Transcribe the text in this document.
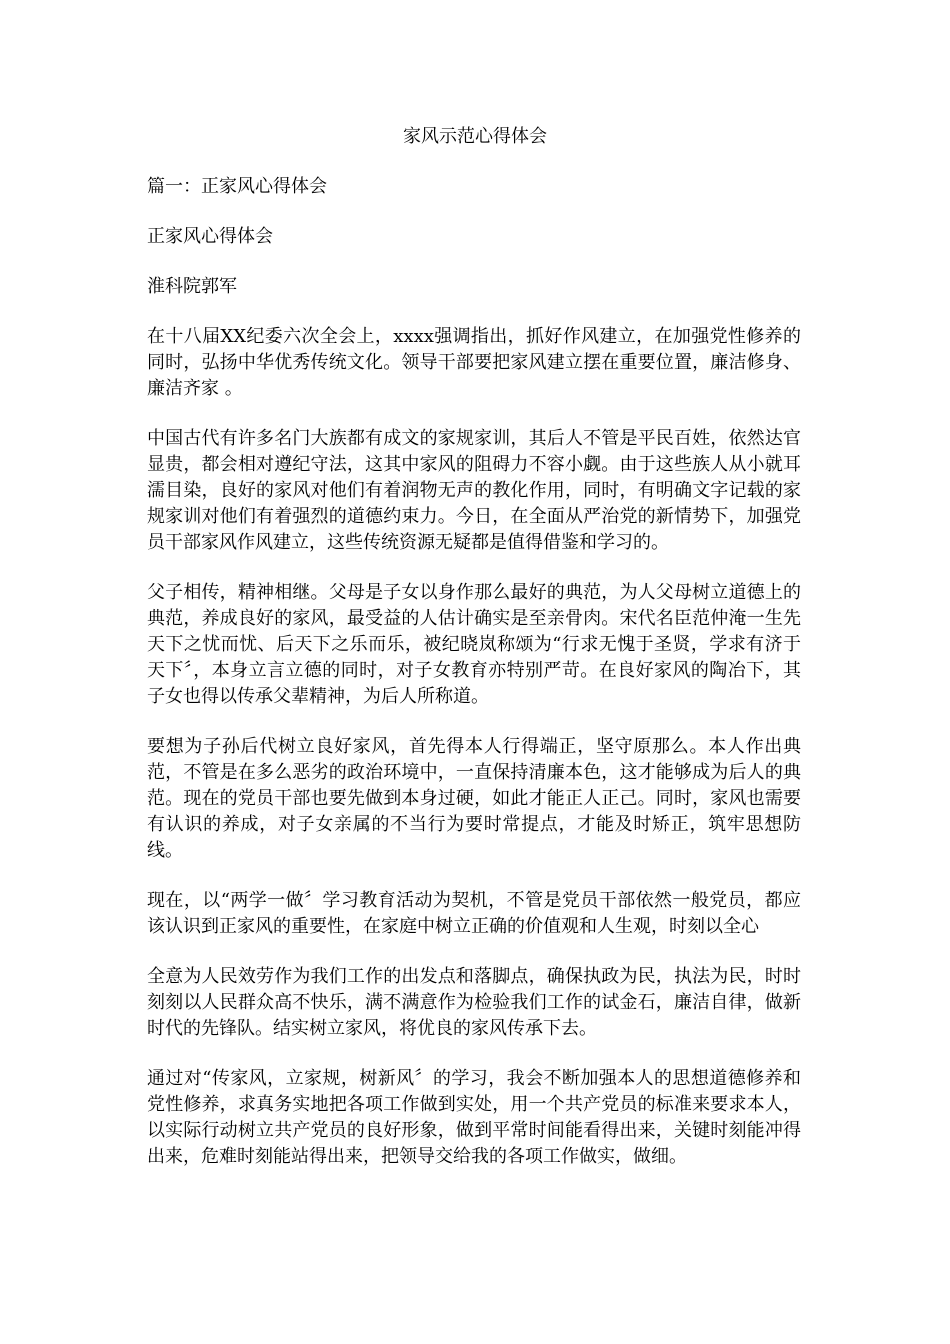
家风示范心得体会

篇一：正家风心得体会

正家风心得体会

淮科院郭军

在十八届XX纪委六次全会上，xxxx强调指出，抓好作风建立，在加强党性修养的同时，弘扬中华优秀传统文化。领导干部要把家风建立摆在重要位置，廉洁修身、廉洁齐家 。

中国古代有许多名门大族都有成文的家规家训，其后人不管是平民百姓，依然达官显贵，都会相对遵纪守法，这其中家风的阻碍力不容小觑。由于这些族人从小就耳濡目染，良好的家风对他们有着润物无声的教化作用，同时，有明确文字记载的家规家训对他们有着强烈的道德约束力。今日，在全面从严治党的新情势下，加强党员干部家风作风建立，这些传统资源无疑都是值得借鉴和学习的。

父子相传，精神相继。父母是子女以身作那么最好的典范，为人父母树立道德上的典范，养成良好的家风，最受益的人估计确实是至亲骨肉。宋代名臣范仲淹一生先天下之忧而忧、后天下之乐而乐，被纪晓岚称颂为“行求无愧于圣贤，学求有济于天下〞，本身立言立德的同时，对子女教育亦特别严苛。在良好家风的陶冶下，其子女也得以传承父辈精神，为后人所称道。

要想为子孙后代树立良好家风，首先得本人行得端正，坚守原那么。本人作出典范，不管是在多么恶劣的政治环境中，一直保持清廉本色，这才能够成为后人的典范。现在的党员干部也要先做到本身过硬，如此才能正人正己。同时，家风也需要有认识的养成，对子女亲属的不当行为要时常提点，才能及时矫正，筑牢思想防线。

现在，以“两学一做〞学习教育活动为契机，不管是党员干部依然一般党员，都应该认识到正家风的重要性，在家庭中树立正确的价值观和人生观，时刻以全心

全意为人民效劳作为我们工作的出发点和落脚点，确保执政为民，执法为民，时时刻刻以人民群众高不快乐，满不满意作为检验我们工作的试金石，廉洁自律，做新时代的先锋队。结实树立家风，将优良的家风传承下去。

通过对“传家风，立家规，树新风〞的学习，我会不断加强本人的思想道德修养和党性修养，求真务实地把各项工作做到实处，用一个共产党员的标准来要求本人，以实际行动树立共产党员的良好形象，做到平常时间能看得出来，关键时刻能冲得出来，危难时刻能站得出来，把领导交给我的各项工作做实，做细。
